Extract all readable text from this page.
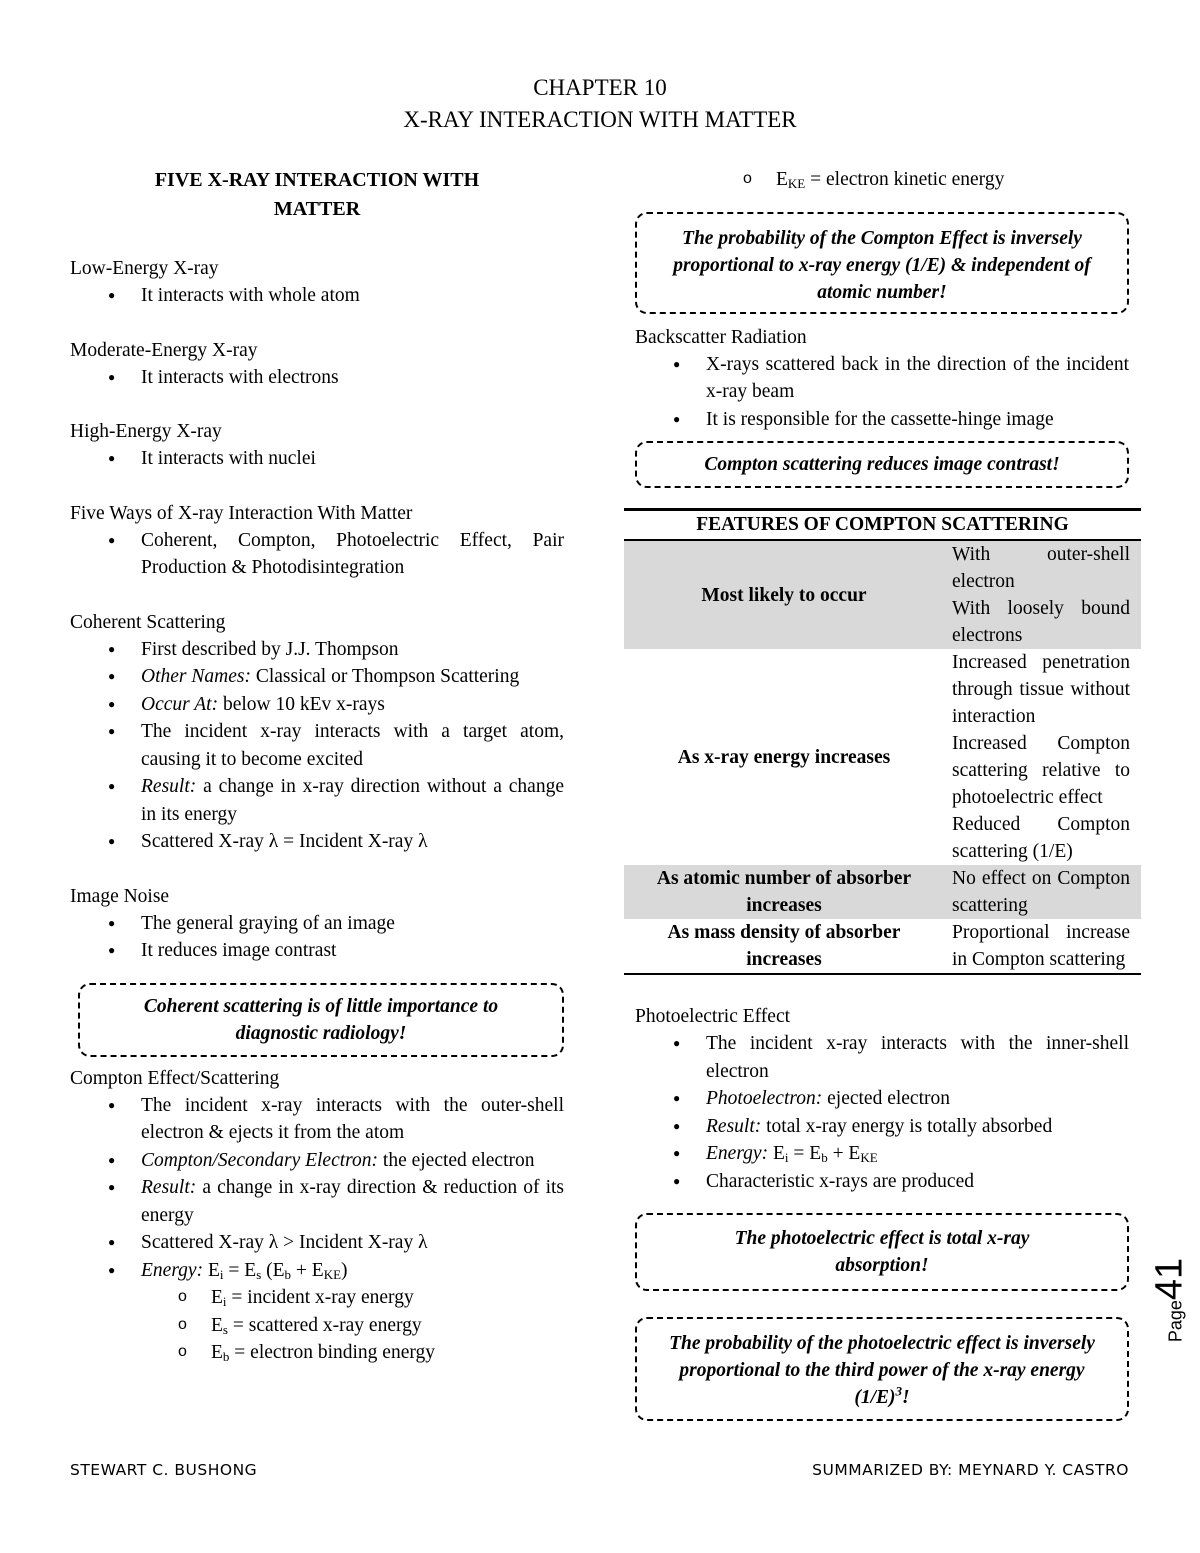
CHAPTER 10
X-RAY INTERACTION WITH MATTER
FIVE X-RAY INTERACTION WITH
MATTER
Low-Energy X-ray
● It interacts with whole atom
Moderate-Energy X-ray
● It interacts with electrons
High-Energy X-ray
● It interacts with nuclei
Five Ways of X-ray Interaction With Matter
● Coherent, Compton, Photoelectric Effect, Pair Production & Photodisintegration
Coherent Scattering
● First described by J.J. Thompson
● Other Names: Classical or Thompson Scattering
● Occur At: below 10 kEv x-rays
● The incident x-ray interacts with a target atom, causing it to become excited
● Result: a change in x-ray direction without a change in its energy
● Scattered X-ray λ = Incident X-ray λ
Image Noise
● The general graying of an image
● It reduces image contrast
Coherent scattering is of little importance to diagnostic radiology!
Compton Effect/Scattering
● The incident x-ray interacts with the outer-shell electron & ejects it from the atom
● Compton/Secondary Electron: the ejected electron
● Result: a change in x-ray direction & reduction of its energy
● Scattered X-ray λ > Incident X-ray λ
● Energy: $E_i = E_s$ $(E_b + E_{KE})$
o $E_i$ = incident x-ray energy
o $E_s$ = scattered x-ray energy
o $E_b$ = electron binding energy
o $E_{KE}$ = electron kinetic energy
The probability of the Compton Effect is inversely proportional to x-ray energy (1/E) & independent of atomic number!
Backscatter Radiation
● X-rays scattered back in the direction of the incident x-ray beam
● It is responsible for the cassette-hinge image
Compton scattering reduces image contrast!
FEATURES OF COMPTON SCATTERING	
Most likely to occur	With outer-shell electron
With loosely bound electrons

As x-ray energy increases	Increased penetration through tissue without interaction
Increased Compton scattering relative to photoelectric effect
Reduced Compton scattering (1/E)

As atomic number of absorber increases	No effect on Compton scattering

As mass density of absorber increases	Proportional increase in Compton scattering
Photoelectric Effect
● The incident x-ray interacts with the inner-shell electron
● Photoelectron: ejected electron
● Result: total x-ray energy is totally absorbed
● Energy: $E_i = E_b + E_{KE}$
● Characteristic x-rays are produced
The photoelectric effect is total x-ray absorption!
The probability of the photoelectric effect is inversely proportional to the third power of the x-ray energy $(1/E)^3$!
STEWART C. BUSHONG	SUMMARIZED BY: MEYNARD Y. CASTRO
Page41
